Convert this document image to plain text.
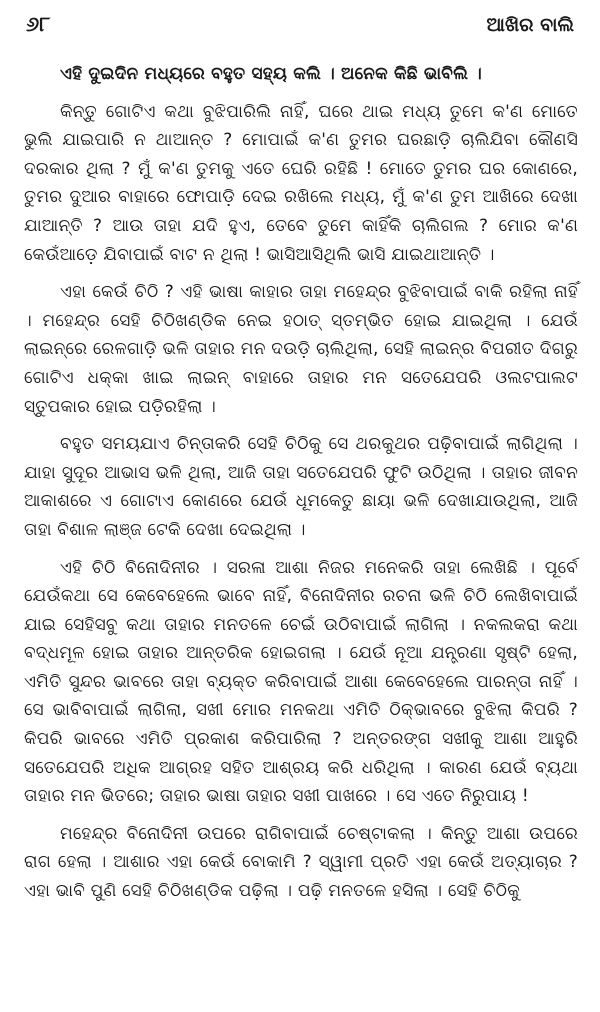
୬୮	ଆଖିର ବାଲି

ଏହି ଦୁଇଦିନ ମଧ୍ୟରେ ବହୁତ ସହ୍ୟ କଲି । ଅନେକ କିଛି ଭାବିଲି ।

କିନ୍ତୁ ଗୋଟିଏ କଥା ବୁଝିପାରିଲି ନାହିଁ, ଘରେ ଥାଇ ମଧ୍ୟ ତୁମେ କ'ଣ ମୋତେ ଭୁଲି ଯାଇପାରି ନ ଥାଆନ୍ତ ? ମୋପାଇଁ କ'ଣ ତୁମର ଘରଛାଡ଼ି ଚାଲିଯିବା କୌଣସି ଦରକାର ଥିଲା ? ମୁଁ କ'ଣ ତୁମକୁ ଏତେ ଘେରି ରହିଛି ! ମୋତେ ତୁମର ଘର କୋଣରେ, ତୁମର ଦୁଆର ବାହାରେ ଫୋପାଡ଼ି ଦେଇ ରଖିଲେ ମଧ୍ୟ, ମୁଁ କ'ଣ ତୁମ ଆଖିରେ ଦେଖା ଯାଆନ୍ତି ? ଆଉ ତାହା ଯଦି ହୁଏ, ତେବେ ତୁମେ କାହିଁକି ଚାଲିଗଲ ? ମୋର କ'ଣ କେଉଁଆଡ଼େ ଯିବାପାଇଁ ବାଟ ନ ଥିଲା ! ଭାସିଆସିଥିଲି ଭାସି ଯାଇଥାଆନ୍ତି ।

ଏହା କେଉଁ ଚିଠି ? ଏହି ଭାଷା କାହାର ତାହା ମହେନ୍ଦ୍ର ବୁଝିବାପାଇଁ ବାକି ରହିଲା ନାହିଁ । ମହେନ୍ଦ୍ର ସେହି ଚିଠିଖଣ୍ଡିକ ନେଇ ହଠାତ୍ ସ୍ତମ୍ଭିତ ହୋଇ ଯାଇଥିଲା । ଯେଉଁ ଲାଇନ୍‌ରେ ରେଳଗାଡ଼ି ଭଳି ତାହାର ମନ ଦଉଡ଼ି ଚାଲିଥିଲା, ସେହି ଲାଇନ୍‌ର ବିପରୀତ ଦିଗରୁ ଗୋଟିଏ ଧକ୍କା ଖାଇ ଲାଇନ୍ ବାହାରେ ତାହାର ମନ ସତେଯେପରି ଓଲଟପାଲଟ ସ୍ତୁପକାର ହୋଇ ପଡ଼ିରହିଲା ।

ବହୁତ ସମୟଯାଏ ଚିନ୍ତାକରି ସେହି ଚିଠିକୁ ସେ ଥରକୁଥର ପଢ଼ିବାପାଇଁ ଲାଗିଥିଲା । ଯାହା ସୁଦୂର ଆଭାସ ଭଳି ଥିଲା, ଆଜି ତାହା ସତେଯେପରି ଫୁଟି ଉଠିଥିଲା । ତାହାର ଜୀବନ ଆକାଶରେ ଏ ଗୋଟାଏ କୋଣରେ ଯେଉଁ ଧୂମକେତୁ ଛାୟା ଭଳି ଦେଖାଯାଉଥିଲା, ଆଜି ତାହା ବିଶାଳ ଲାଞ୍ଜ ଟେକି ଦେଖା ଦେଇଥିଲା ।

ଏହି ଚିଠି ବିନୋଦିନୀର । ସରଳା ଆଶା ନିଜର ମନେକରି ତାହା ଲେଖିଛି । ପୂର୍ବେ ଯେଉଁକଥା ସେ କେବେହେଲେ ଭାବେ ନାହିଁ, ବିନୋଦିନୀର ରଚନା ଭଳି ଚିଠି ଲେଖିବାପାଇଁ ଯାଇ ସେହିସବୁ କଥା ତାହାର ମନତଳେ ଚେଇଁ ଉଠିବାପାଇଁ ଲାଗିଲା । ନକଲକରା କଥା ବଦ୍ଧମୂଳ ହୋଇ ତାହାର ଆନ୍ତରିକ ହୋଇଗଲା । ଯେଉଁ ନୂଆ ଯନ୍ତ୍ରଣା ସୃଷ୍ଟି ହେଲା, ଏମିତି ସୁନ୍ଦର ଭାବରେ ତାହା ବ୍ୟକ୍ତ କରିବାପାଇଁ ଆଶା କେବେହେଲେ ପାରନ୍ତା ନାହିଁ । ସେ ଭାବିବାପାଇଁ ଲାଗିଲା, ସଖୀ ମୋର ମନକଥା ଏମିତି ଠିକ୍‌ଭାବରେ ବୁଝିଲା କିପରି ? କିପରି ଭାବରେ ଏମିତି ପ୍ରକାଶ କରିପାରିଲା ? ଅନ୍ତରଙ୍ଗ ସଖୀକୁ ଆଶା ଆହୁରି ସତେଯେପରି ଅଧିକ ଆଗ୍ରହ ସହିତ ଆଶ୍ରୟ କରି ଧରିଥିଲା । କାରଣ ଯେଉଁ ବ୍ୟଥା ତାହାର ମନ ଭିତରେ; ତାହାର ଭାଷା ତାହାର ସଖୀ ପାଖରେ । ସେ ଏତେ ନିରୁପାୟ !

ମହେନ୍ଦ୍ର ବିନୋଦିନୀ ଉପରେ ରାଗିବାପାଇଁ ଚେଷ୍ଟାକଲା । କିନ୍ତୁ ଆଶା ଉପରେ ରାଗ ହେଲା । ଆଶାର ଏହା କେଉଁ ବୋକାମି ? ସ୍ୱାମୀ ପ୍ରତି ଏହା କେଉଁ ଅତ୍ୟାଚାର ? ଏହା ଭାବି ପୁଣି ସେହି ଚିଠିଖଣ୍ଡିକ ପଢ଼ିଲା । ପଢ଼ି ମନତଳେ ହସିଲା । ସେହି ଚିଠିକୁ
